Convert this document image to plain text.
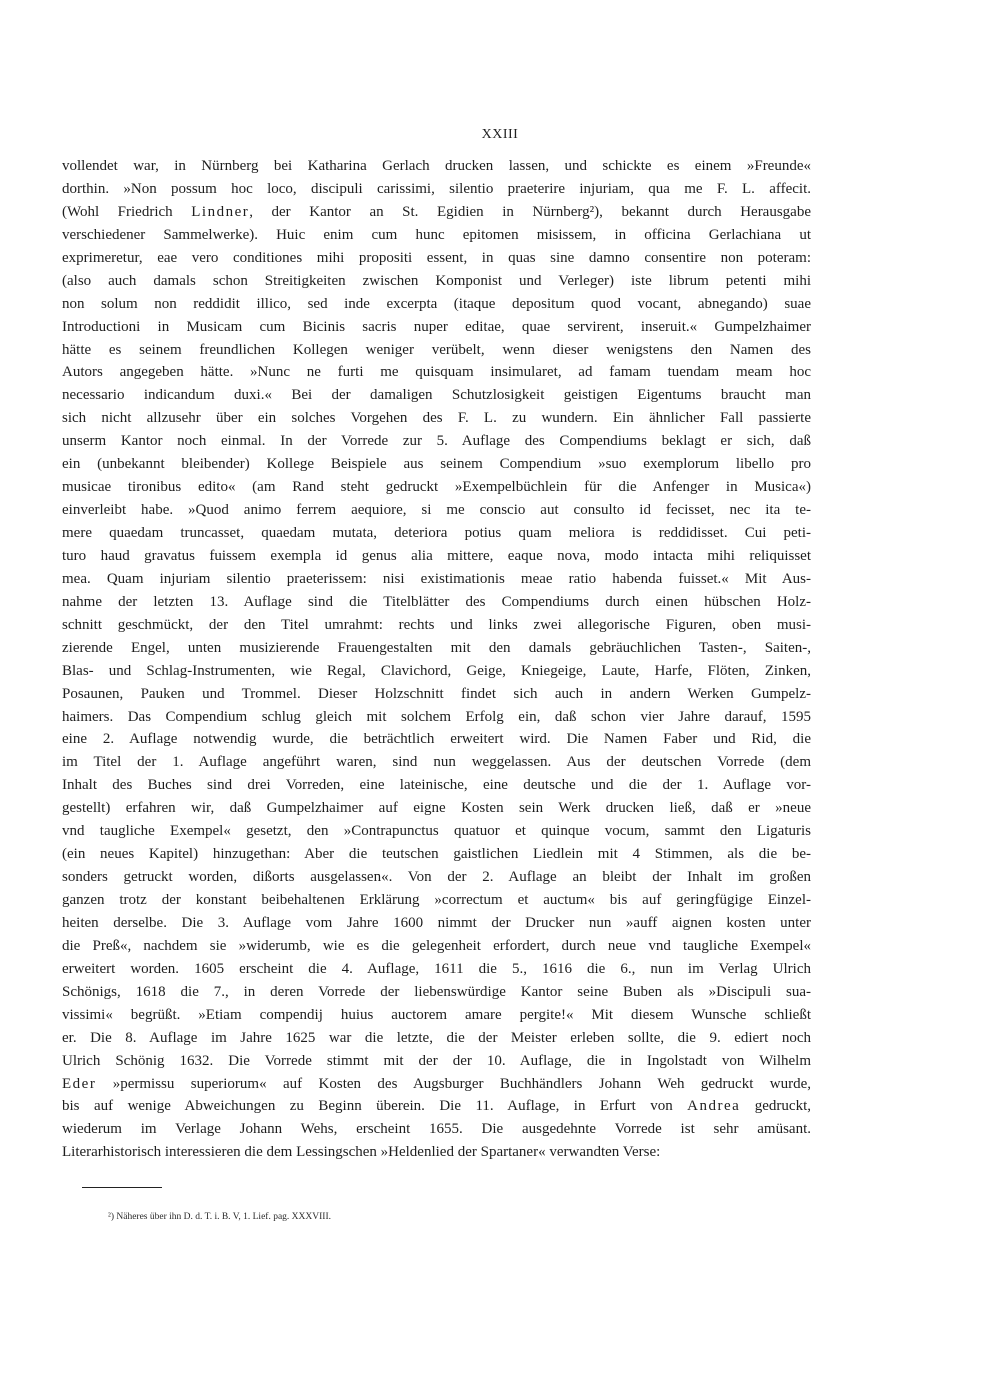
XXIII
vollendet war, in Nürnberg bei Katharina Gerlach drucken lassen, und schickte es einem »Freunde«
dorthin. »Non possum hoc loco, discipuli carissimi, silentio praeterire injuriam, qua me F. L. affecit.
(Wohl Friedrich Lindner, der Kantor an St. Egidien in Nürnberg²), bekannt durch Herausgabe
verschiedener Sammelwerke). Huic enim cum hunc epitomen misissem, in officina Gerlachiana ut
exprimeretur, eae vero conditiones mihi propositi essent, in quas sine damno consentire non poteram:
(also auch damals schon Streitigkeiten zwischen Komponist und Verleger) iste librum petenti mihi
non solum non reddidit illico, sed inde excerpta (itaque depositum quod vocant, abnegando) suae
Introductioni in Musicam cum Bicinis sacris nuper editae, quae servirent, inseruit.« Gumpelzhaimer
hätte es seinem freundlichen Kollegen weniger verübelt, wenn dieser wenigstens den Namen des
Autors angegeben hätte. »Nunc ne furti me quisquam insimularet, ad famam tuendam meam hoc
necessario indicandum duxi.« Bei der damaligen Schutzlosigkeit geistigen Eigentums braucht man
sich nicht allzusehr über ein solches Vorgehen des F. L. zu wundern. Ein ähnlicher Fall passierte
unserm Kantor noch einmal. In der Vorrede zur 5. Auflage des Compendiums beklagt er sich, daß
ein (unbekannt bleibender) Kollege Beispiele aus seinem Compendium »suo exemplorum libello pro
musicae tironibus edito« (am Rand steht gedruckt »Exempelbüchlein für die Anfenger in Musica«)
einverleibt habe. »Quod animo ferrem aequiore, si me conscio aut consulto id fecisset, nec ita te-
mere quaedam truncasset, quaedam mutata, deteriora potius quam meliora is reddidisset. Cui peti-
turo haud gravatus fuissem exempla id genus alia mittere, eaque nova, modo intacta mihi reliquisset
mea. Quam injuriam silentio praeterissem: nisi existimationis meae ratio habenda fuisset.« Mit Aus-
nahme der letzten 13. Auflage sind die Titelblätter des Compendiums durch einen hübschen Holz-
schnitt geschmückt, der den Titel umrahmt: rechts und links zwei allegorische Figuren, oben musi-
zierende Engel, unten musizierende Frauengestalten mit den damals gebräuchlichen Tasten-, Saiten-,
Blas- und Schlag-Instrumenten, wie Regal, Clavichord, Geige, Kniegeige, Laute, Harfe, Flöten, Zinken,
Posaunen, Pauken und Trommel. Dieser Holzschnitt findet sich auch in andern Werken Gumpelz-
haimers. Das Compendium schlug gleich mit solchem Erfolg ein, daß schon vier Jahre darauf, 1595
eine 2. Auflage notwendig wurde, die beträchtlich erweitert wird. Die Namen Faber und Rid, die
im Titel der 1. Auflage angeführt waren, sind nun weggelassen. Aus der deutschen Vorrede (dem
Inhalt des Buches sind drei Vorreden, eine lateinische, eine deutsche und die der 1. Auflage vor-
gestellt) erfahren wir, daß Gumpelzhaimer auf eigne Kosten sein Werk drucken ließ, daß er »neue
vnd taugliche Exempel« gesetzt, den »Contrapunctus quatuor et quinque vocum, sammt den Ligaturis
(ein neues Kapitel) hinzugethan: Aber die teutschen gaistlichen Liedlein mit 4 Stimmen, als die be-
sonders getruckt worden, dißorts ausgelassen«. Von der 2. Auflage an bleibt der Inhalt im großen
ganzen trotz der konstant beibehaltenen Erklärung »correctum et auctum« bis auf geringfügige Einzel-
heiten derselbe. Die 3. Auflage vom Jahre 1600 nimmt der Drucker nun »auff aignen kosten unter
die Preß«, nachdem sie »widerumb, wie es die gelegenheit erfordert, durch neue vnd taugliche Exempel«
erweitert worden. 1605 erscheint die 4. Auflage, 1611 die 5., 1616 die 6., nun im Verlag Ulrich
Schönigs, 1618 die 7., in deren Vorrede der liebenswürdige Kantor seine Buben als »Discipuli sua-
vissimi« begrüßt. »Etiam compendij huius auctorem amare pergite!« Mit diesem Wunsche schließt
er. Die 8. Auflage im Jahre 1625 war die letzte, die der Meister erleben sollte, die 9. ediert noch
Ulrich Schönig 1632. Die Vorrede stimmt mit der der 10. Auflage, die in Ingolstadt von Wilhelm
Eder »permissu superiorum« auf Kosten des Augsburger Buchhändlers Johann Weh gedruckt wurde,
bis auf wenige Abweichungen zu Beginn überein. Die 11. Auflage, in Erfurt von Andrea gedruckt,
wiederum im Verlage Johann Wehs, erscheint 1655. Die ausgedehnte Vorrede ist sehr amüsant.
Literarhistorisch interessieren die dem Lessingschen »Heldenlied der Spartaner« verwandten Verse:
²) Näheres über ihn D. d. T. i. B. V, 1. Lief. pag. XXXVIII.
